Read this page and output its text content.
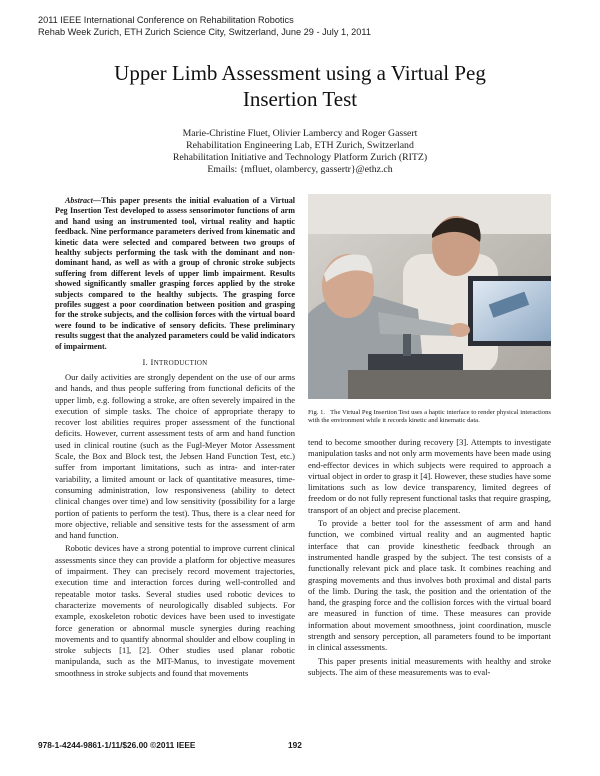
2011 IEEE International Conference on Rehabilitation Robotics
Rehab Week Zurich, ETH Zurich Science City, Switzerland, June 29 - July 1, 2011
Upper Limb Assessment using a Virtual Peg
Insertion Test
Marie-Christine Fluet, Olivier Lambercy and Roger Gassert
Rehabilitation Engineering Lab, ETH Zurich, Switzerland
Rehabilitation Initiative and Technology Platform Zurich (RITZ)
Emails: {mfluet, olambercy, gassertr}@ethz.ch

Abstract—This paper presents the initial evaluation of a Virtual Peg Insertion Test developed to assess sensorimotor functions of arm and hand using an instrumented tool, virtual reality and haptic feedback. Nine performance parameters derived from kinematic and kinetic data were selected and compared between two groups of healthy subjects performing the task with the dominant and non-dominant hand, as well as with a group of chronic stroke subjects suffering from different levels of upper limb impairment. Results showed significantly smaller grasping forces applied by the stroke subjects compared to the healthy subjects. The grasping force profiles suggest a poor coordination between position and grasping for the stroke subjects, and the collision forces with the virtual board were found to be indicative of sensory deficits. These preliminary results suggest that the analyzed parameters could be valid indicators of impairment.

I. INTRODUCTION

Our daily activities are strongly dependent on the use of our arms and hands, and thus people suffering from functional deficits of the upper limb, e.g. following a stroke, are often severely impaired in the execution of simple tasks. The choice of appropriate therapy to recover lost abilities requires proper assessment of the functional deficits. However, current assessment tests of arm and hand function used in clinical routine (such as the Fugl-Meyer Motor Assessment Scale, the Box and Block test, the Jebsen Hand Function Test, etc.) suffer from important limitations, such as intra- and inter-rater variability, a limited amount or lack of quantitative measures, time-consuming administration, low responsiveness (ability to detect clinical changes over time) and low sensitivity (possibility for a large portion of patients to perform the test). Thus, there is a clear need for more objective, reliable and sensitive tests for the assessment of arm and hand function.

Robotic devices have a strong potential to improve current clinical assessments since they can provide a platform for objective measures of impairment. They can precisely record movement trajectories, execution time and interaction forces during well-controlled and repeatable motor tasks. Several studies used robotic devices to characterize movements of neurologically disabled subjects. For example, exoskeleton robotic devices have been used to investigate force generation or abnormal muscle synergies during reaching movements and to quantify abnormal shoulder and elbow coupling in stroke subjects [1], [2]. Other studies used planar robotic manipulanda, such as the MIT-Manus, to investigate movement smoothness in stroke subjects and found that movements

Fig. 1. The Virtual Peg Insertion Test uses a haptic interface to render physical interactions with the environment while it records kinetic and kinematic data.

tend to become smoother during recovery [3]. Attempts to investigate manipulation tasks and not only arm movements have been made using end-effector devices in which subjects were required to approach a virtual object in order to grasp it [4]. However, these studies have some limitations such as low device transparency, limited degrees of freedom or do not fully represent functional tasks that require grasping, transport of an object and precise placement.

To provide a better tool for the assessment of arm and hand function, we combined virtual reality and an augmented haptic interface that can provide kinesthetic feedback through an instrumented handle grasped by the subject. The test consists of a functionally relevant pick and place task. It combines reaching and grasping movements and thus involves both proximal and distal parts of the limb. During the task, the position and the orientation of the hand, the grasping force and the collision forces with the virtual board are measured in function of time. These measures can provide information about movement smoothness, joint coordination, muscle strength and sensory perception, all parameters found to be important in clinical assessments.

This paper presents initial measurements with healthy and stroke subjects. The aim of these measurements was to eval-

978-1-4244-9861-1/11/$26.00 ©2011 IEEE	192
